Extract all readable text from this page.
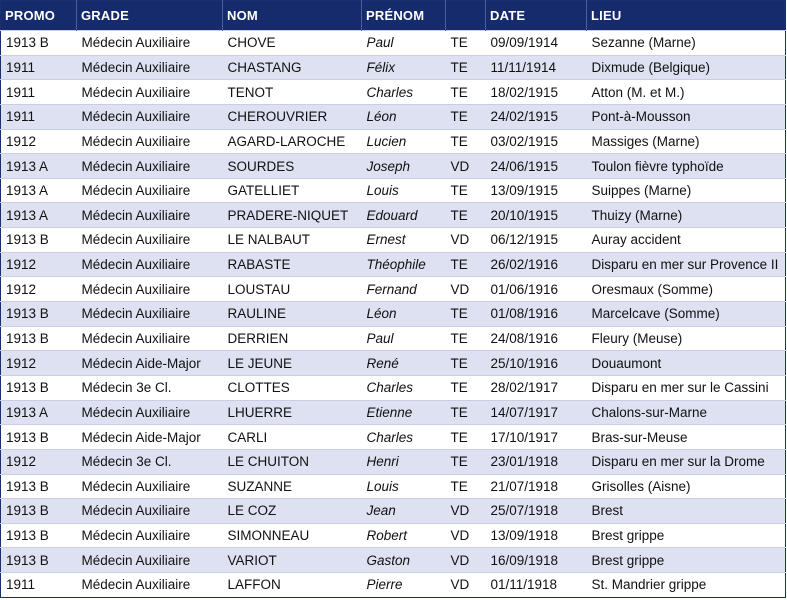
PROMO	GRADE	NOM	PRÉNOM		DATE	LIEU
1913 B	Médecin Auxiliaire	CHOVE	Paul	TE	09/09/1914	Sezanne (Marne)
1911	Médecin Auxiliaire	CHASTANG	Félix	TE	11/11/1914	Dixmude (Belgique)
1911	Médecin Auxiliaire	TENOT	Charles	TE	18/02/1915	Atton (M. et M.)
1911	Médecin Auxiliaire	CHEROUVRIER	Léon	TE	24/02/1915	Pont-à-Mousson
1912	Médecin Auxiliaire	AGARD-LAROCHE	Lucien	TE	03/02/1915	Massiges (Marne)
1913 A	Médecin Auxiliaire	SOURDES	Joseph	VD	24/06/1915	Toulon fièvre typhoïde
1913 A	Médecin Auxiliaire	GATELLIET	Louis	TE	13/09/1915	Suippes (Marne)
1913 A	Médecin Auxiliaire	PRADERE-NIQUET	Edouard	TE	20/10/1915	Thuizy (Marne)
1913 B	Médecin Auxiliaire	LE NALBAUT	Ernest	VD	06/12/1915	Auray accident
1912	Médecin Auxiliaire	RABASTE	Théophile	TE	26/02/1916	Disparu en mer sur Provence II
1912	Médecin Auxiliaire	LOUSTAU	Fernand	VD	01/06/1916	Oresmaux (Somme)
1913 B	Médecin Auxiliaire	RAULINE	Léon	TE	01/08/1916	Marcelcave (Somme)
1913 B	Médecin Auxiliaire	DERRIEN	Paul	TE	24/08/1916	Fleury (Meuse)
1912	Médecin Aide-Major	LE JEUNE	René	TE	25/10/1916	Douaumont
1913 B	Médecin 3e Cl.	CLOTTES	Charles	TE	28/02/1917	Disparu en mer sur le Cassini
1913 A	Médecin Auxiliaire	LHUERRE	Etienne	TE	14/07/1917	Chalons-sur-Marne
1913 B	Médecin Aide-Major	CARLI	Charles	TE	17/10/1917	Bras-sur-Meuse
1912	Médecin 3e Cl.	LE CHUITON	Henri	TE	23/01/1918	Disparu en mer sur la Drome
1913 B	Médecin Auxiliaire	SUZANNE	Louis	TE	21/07/1918	Grisolles (Aisne)
1913 B	Médecin Auxiliaire	LE COZ	Jean	VD	25/07/1918	Brest
1913 B	Médecin Auxiliaire	SIMONNEAU	Robert	VD	13/09/1918	Brest grippe
1913 B	Médecin Auxiliaire	VARIOT	Gaston	VD	16/09/1918	Brest grippe
1911	Médecin Auxiliaire	LAFFON	Pierre	VD	01/11/1918	St. Mandrier grippe
